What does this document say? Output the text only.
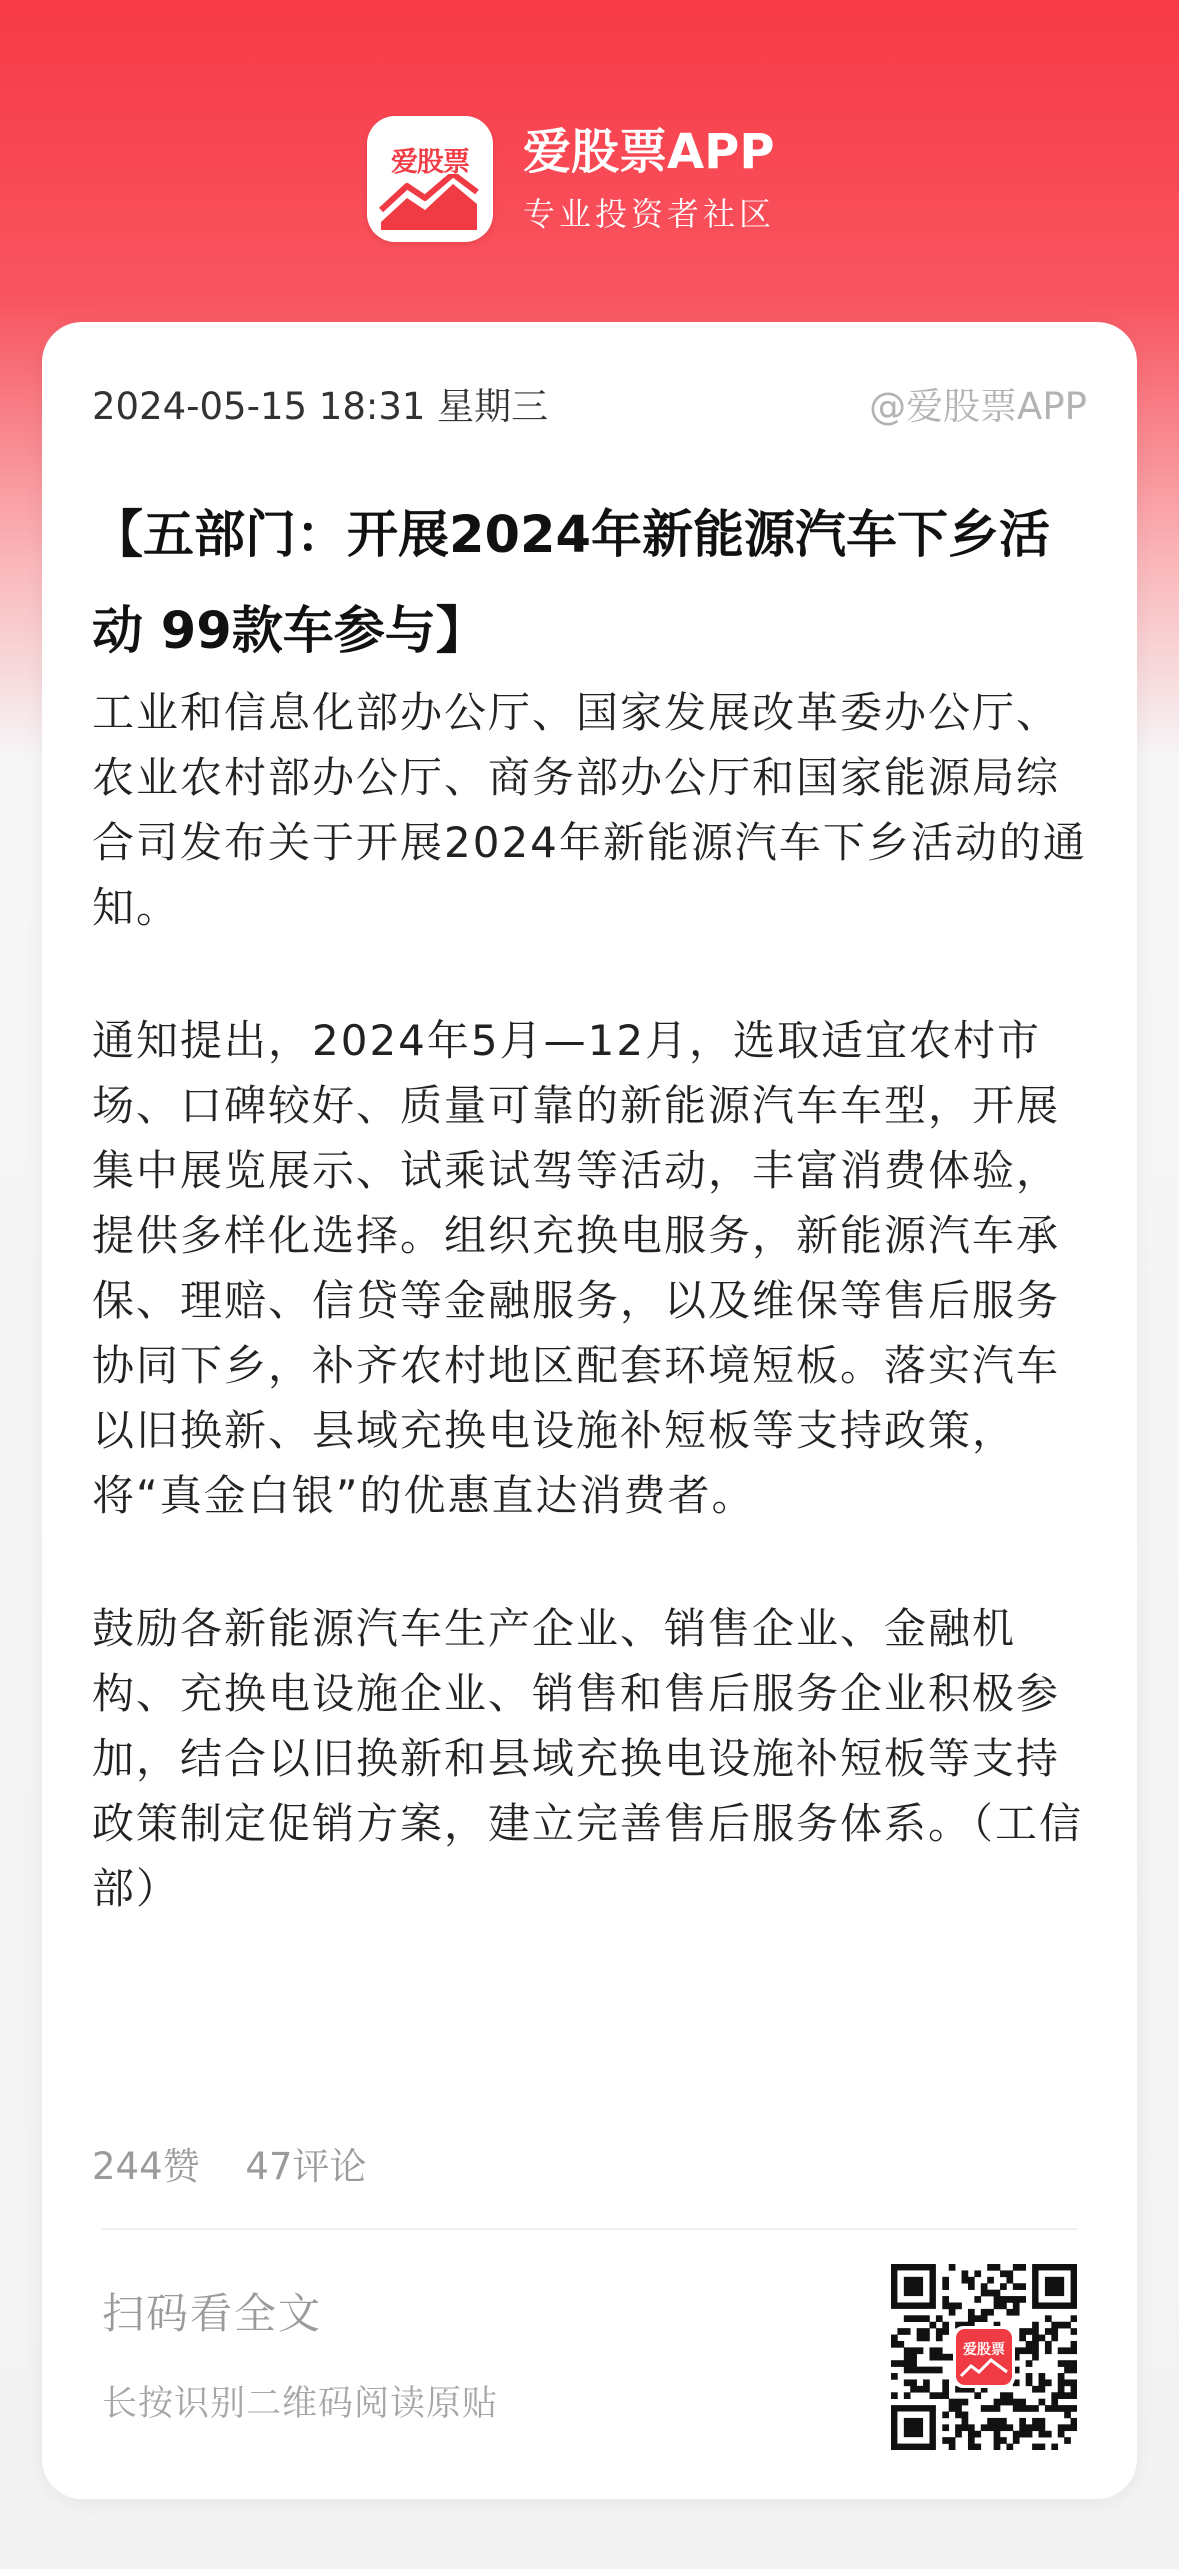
爱股票 爱股票APP
专业投资者社区
2024-05-15 18:31 星期三	@爱股票APP
【五部门：开展2024年新能源汽车下乡活动 99款车参与】

工业和信息化部办公厅、国家发展改革委办公厅、农业农村部办公厅、商务部办公厅和国家能源局综合司发布关于开展2024年新能源汽车下乡活动的通知。

通知提出，2024年5月—12月，选取适宜农村市场、口碑较好、质量可靠的新能源汽车车型，开展集中展览展示、试乘试驾等活动，丰富消费体验，提供多样化选择。组织充换电服务，新能源汽车承保、理赔、信贷等金融服务，以及维保等售后服务协同下乡，补齐农村地区配套环境短板。落实汽车以旧换新、县域充换电设施补短板等支持政策，将“真金白银”的优惠直达消费者。

鼓励各新能源汽车生产企业、销售企业、金融机构、充换电设施企业、销售和售后服务企业积极参加，结合以旧换新和县域充换电设施补短板等支持政策制定促销方案，建立完善售后服务体系。（工信部）

244赞 47评论
扫码看全文
长按识别二维码阅读原贴
爱股票
